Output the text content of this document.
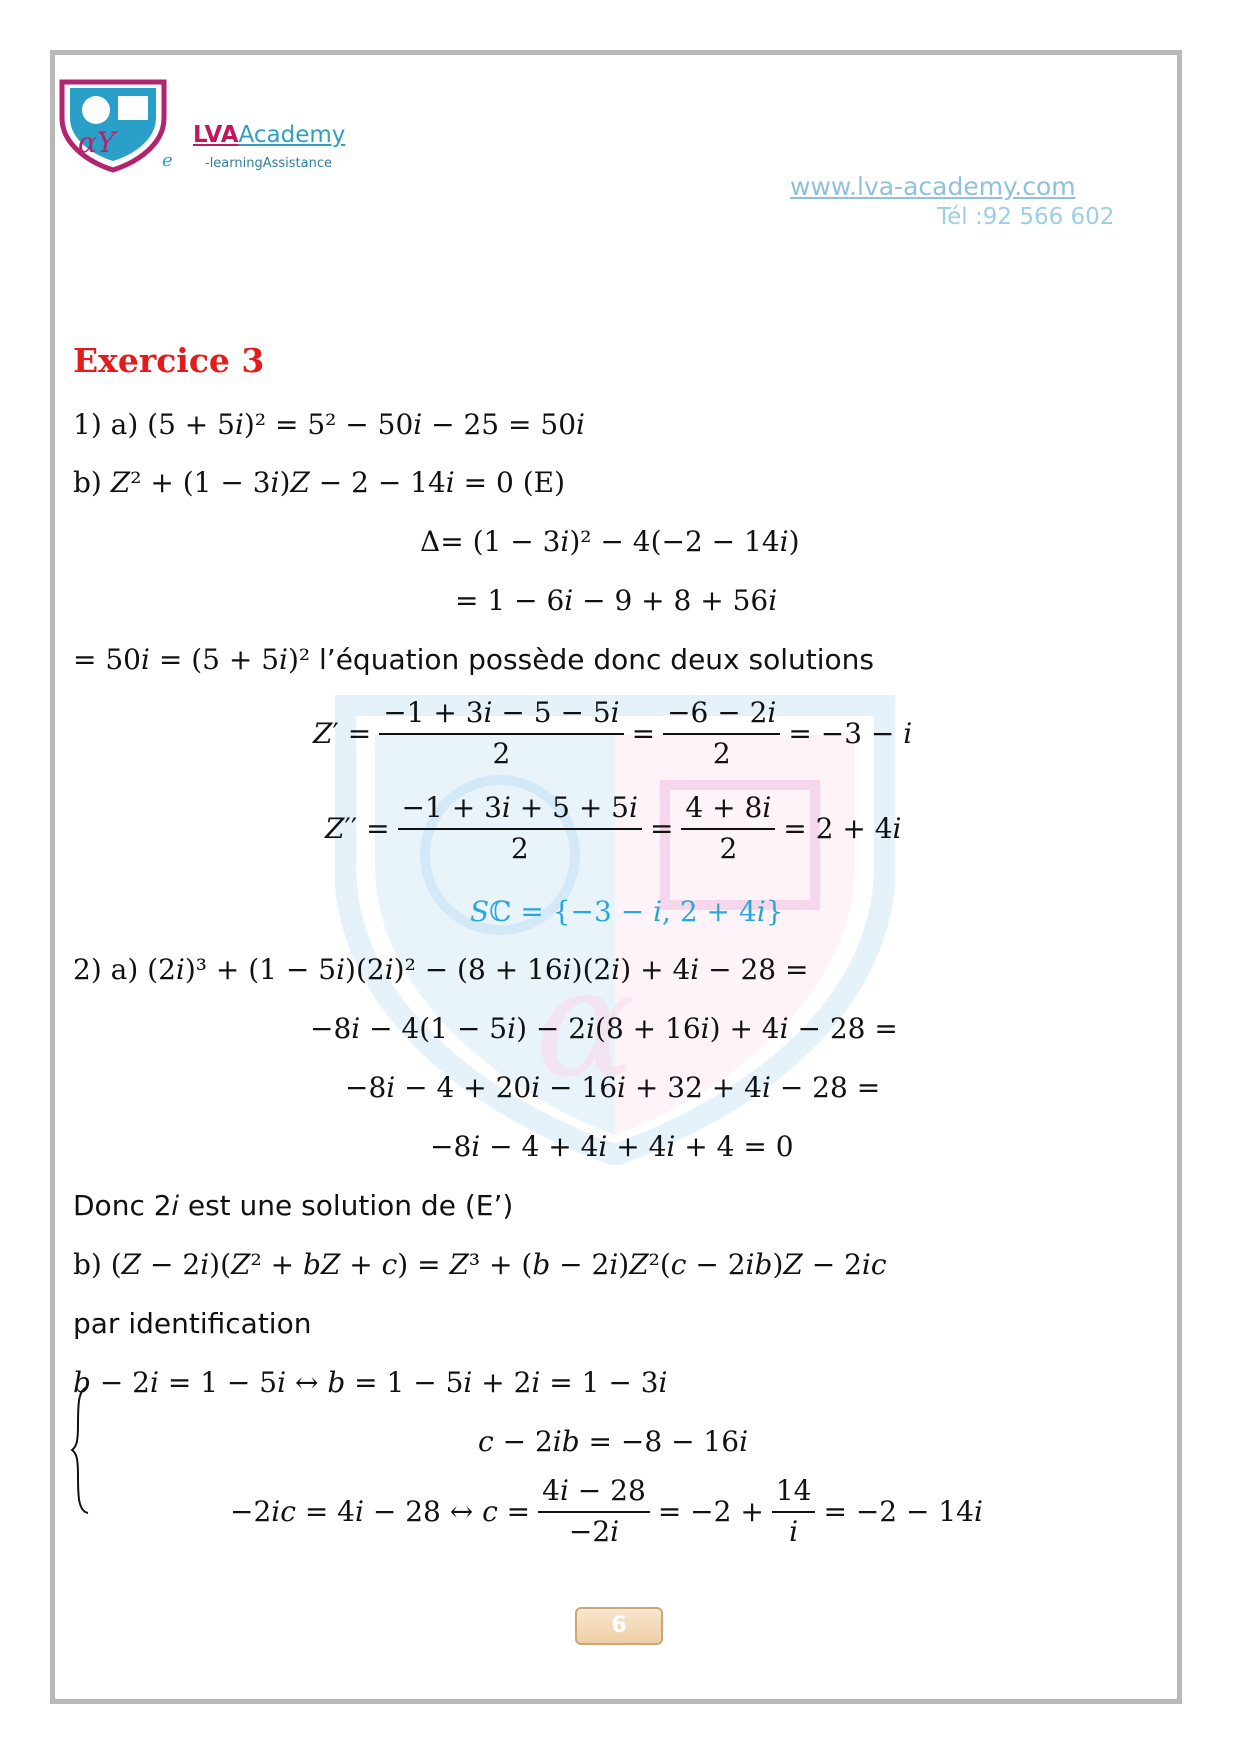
αΥ	LVAAcademy
e -learningAssistance
www.lva-academy.com
Tél :92 566 602
α
Exercice 3
1) a) (5 + 5𝑖)² = 5² − 50𝑖 − 25 = 50𝑖
b) 𝑍² + (1 − 3𝑖)𝑍 − 2 − 14𝑖 = 0 (E)
Δ= (1 − 3𝑖)² − 4(−2 − 14𝑖)
= 1 − 6𝑖 − 9 + 8 + 56𝑖
= 50𝑖 = (5 + 5𝑖)² l’équation possède donc deux solutions
𝑍′ = $\frac{\text{−1 + 3𝑖 − 5 − 5𝑖}}{2} = \frac{\text{−6 − 2𝑖}}{2} = -3$ − 𝑖
𝑍′′ = $\frac{\text{−1 + 3𝑖 + 5 + 5𝑖}}{2} = \frac{\text{4 + 8𝑖}}{2} = 2$ + 4𝑖
𝑆ℂ = {−3 − 𝑖, 2 + 4𝑖}
2) a) (2𝑖)³ + (1 − 5𝑖)(2𝑖)² − (8 + 16𝑖)(2𝑖) + 4𝑖 − 28 =
−8𝑖 − 4(1 − 5𝑖) − 2𝑖(8 + 16𝑖) + 4𝑖 − 28 =
−8𝑖 − 4 + 20𝑖 − 16𝑖 + 32 + 4𝑖 − 28 =
−8𝑖 − 4 + 4𝑖 + 4𝑖 + 4 = 0
Donc 2𝑖 est une solution de (E’)
b) (𝑍 − 2𝑖)(𝑍² + 𝑏𝑍 + 𝑐) = 𝑍³ + (𝑏 − 2𝑖)𝑍²(𝑐 − 2𝑖𝑏)𝑍 − 2𝑖𝑐
par identification
𝑏 − 2𝑖 = 1 − 5𝑖 ↔ 𝑏 = 1 − 5𝑖 + 2𝑖 = 1 − 3𝑖
𝑐 − 2𝑖𝑏 = −8 − 16𝑖
−2𝑖𝑐 = 4𝑖 − 28 ↔ 𝑐 = $\frac{\text{4𝑖 − 28}}{\text{−2𝑖}} = -2 + \frac{14}{\text{𝑖}} = -2$ − 14𝑖
6
